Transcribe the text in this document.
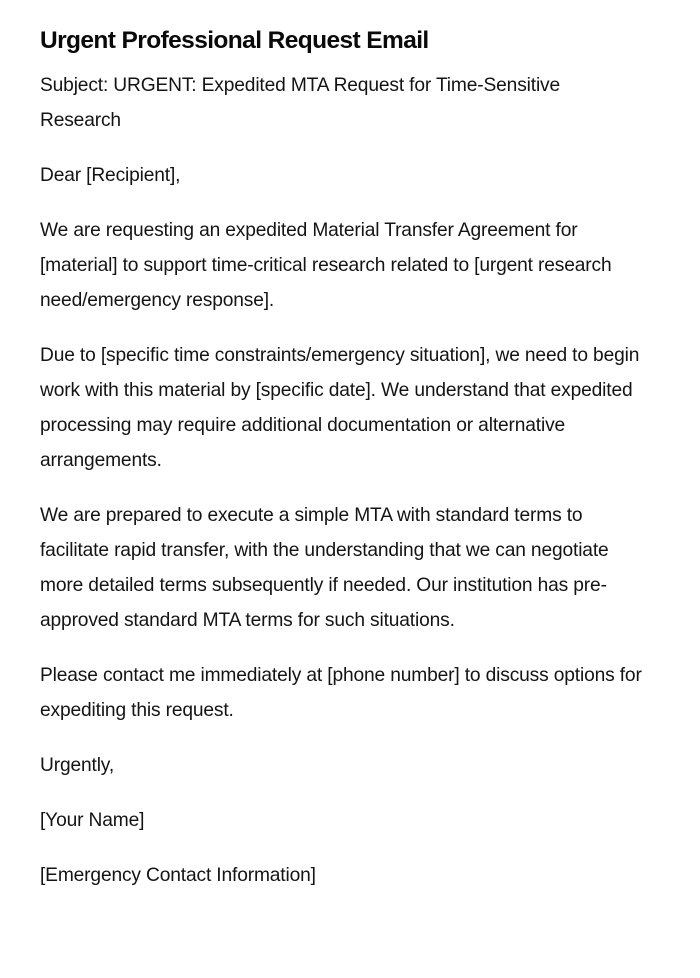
Urgent Professional Request Email

Subject: URGENT: Expedited MTA Request for Time-Sensitive Research

Dear [Recipient],

We are requesting an expedited Material Transfer Agreement for [material] to support time-critical research related to [urgent research need/emergency response].

Due to [specific time constraints/emergency situation], we need to begin work with this material by [specific date]. We understand that expedited processing may require additional documentation or alternative arrangements.

We are prepared to execute a simple MTA with standard terms to facilitate rapid transfer, with the understanding that we can negotiate more detailed terms subsequently if needed. Our institution has pre-approved standard MTA terms for such situations.

Please contact me immediately at [phone number] to discuss options for expediting this request.

Urgently,

[Your Name]

[Emergency Contact Information]
